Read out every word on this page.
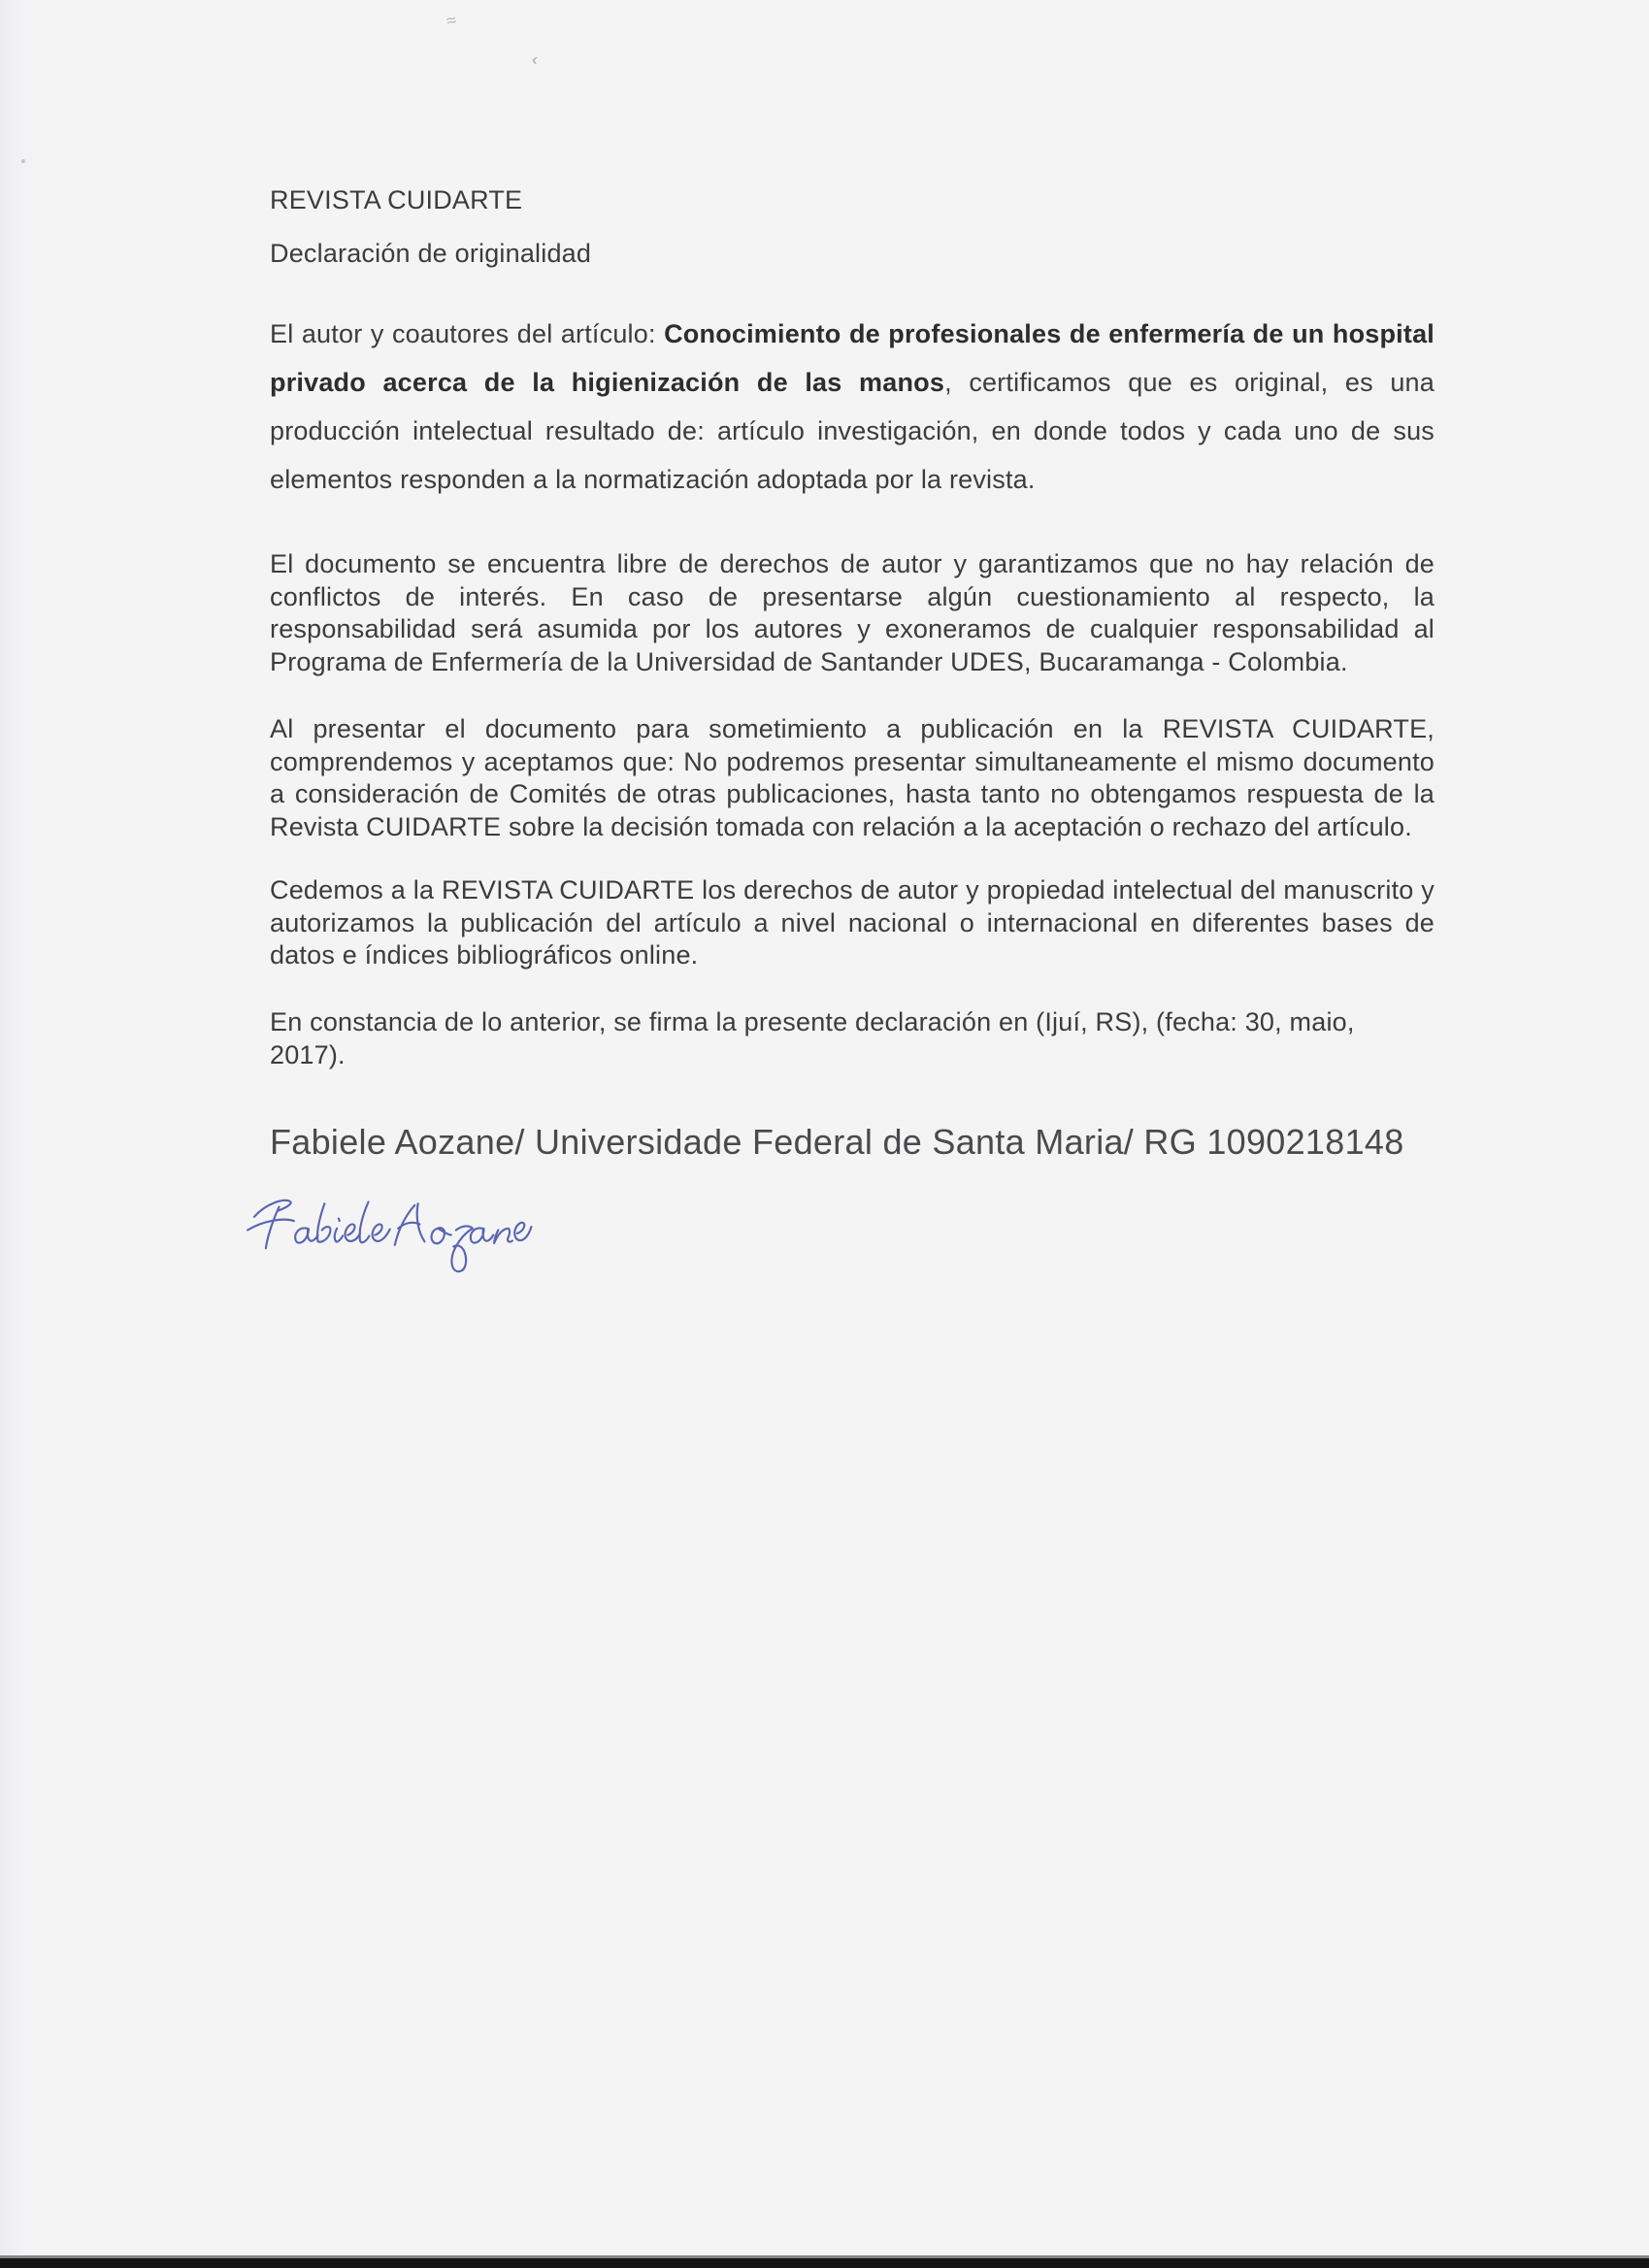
REVISTA CUIDARTE
Declaración de originalidad

El autor y coautores del artículo: Conocimiento de profesionales de enfermería de un hospital privado acerca de la higienización de las manos, certificamos que es original, es una producción intelectual resultado de: artículo investigación, en donde todos y cada uno de sus elementos responden a la normatización adoptada por la revista.

El documento se encuentra libre de derechos de autor y garantizamos que no hay relación de conflictos de interés. En caso de presentarse algún cuestionamiento al respecto, la responsabilidad será asumida por los autores y exoneramos de cualquier responsabilidad al Programa de Enfermería de la Universidad de Santander UDES, Bucaramanga - Colombia.

Al presentar el documento para sometimiento a publicación en la REVISTA CUIDARTE, comprendemos y aceptamos que: No podremos presentar simultaneamente el mismo documento a consideración de Comités de otras publicaciones, hasta tanto no obtengamos respuesta de la Revista CUIDARTE sobre la decisión tomada con relación a la aceptación o rechazo del artículo.

Cedemos a la REVISTA CUIDARTE los derechos de autor y propiedad intelectual del manuscrito y autorizamos la publicación del artículo a nivel nacional o internacional en diferentes bases de datos e índices bibliográficos online.

En constancia de lo anterior, se firma la presente declaración en (Ijuí, RS), (fecha: 30, maio, 2017).

Fabiele Aozane/ Universidade Federal de Santa Maria/ RG 1090218148
≈
‹
